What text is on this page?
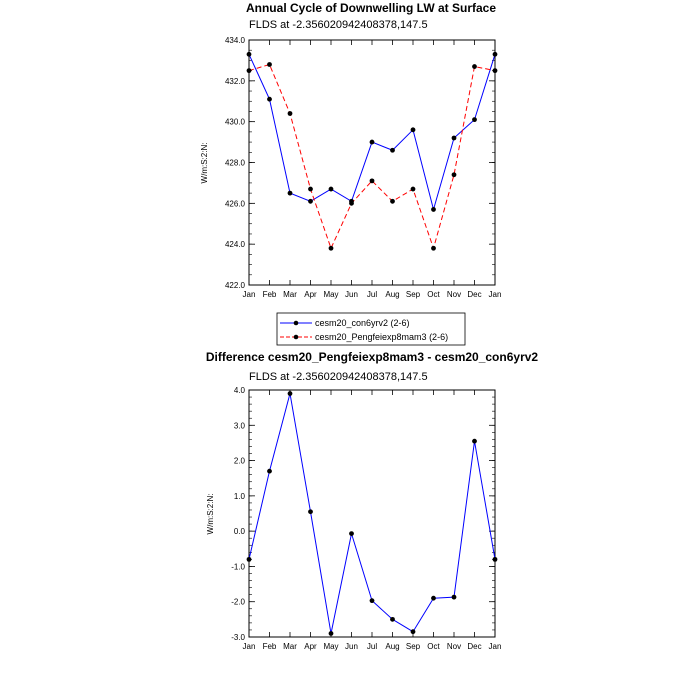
Annual Cycle of Downwelling LW at Surface
FLDS at -2.356020942408378,147.5
W/m:S:2:N:
Jan Feb Mar Apr May Jun Jul Aug Sep Oct Nov Dec Jan
422.0
424.0
426.0
428.0
430.0
432.0
434.0
cesm20_con6yrv2 (2-6)
cesm20_Pengfeiexp8mam3 (2-6)
Difference cesm20_Pengfeiexp8mam3 - cesm20_con6yrv2
FLDS at -2.356020942408378,147.5
W/m:S:2:N:
Jan Feb Mar Apr May Jun Jul Aug Sep Oct Nov Dec Jan
-3.0
-2.0
-1.0
0.0
1.0
2.0
3.0
4.0
